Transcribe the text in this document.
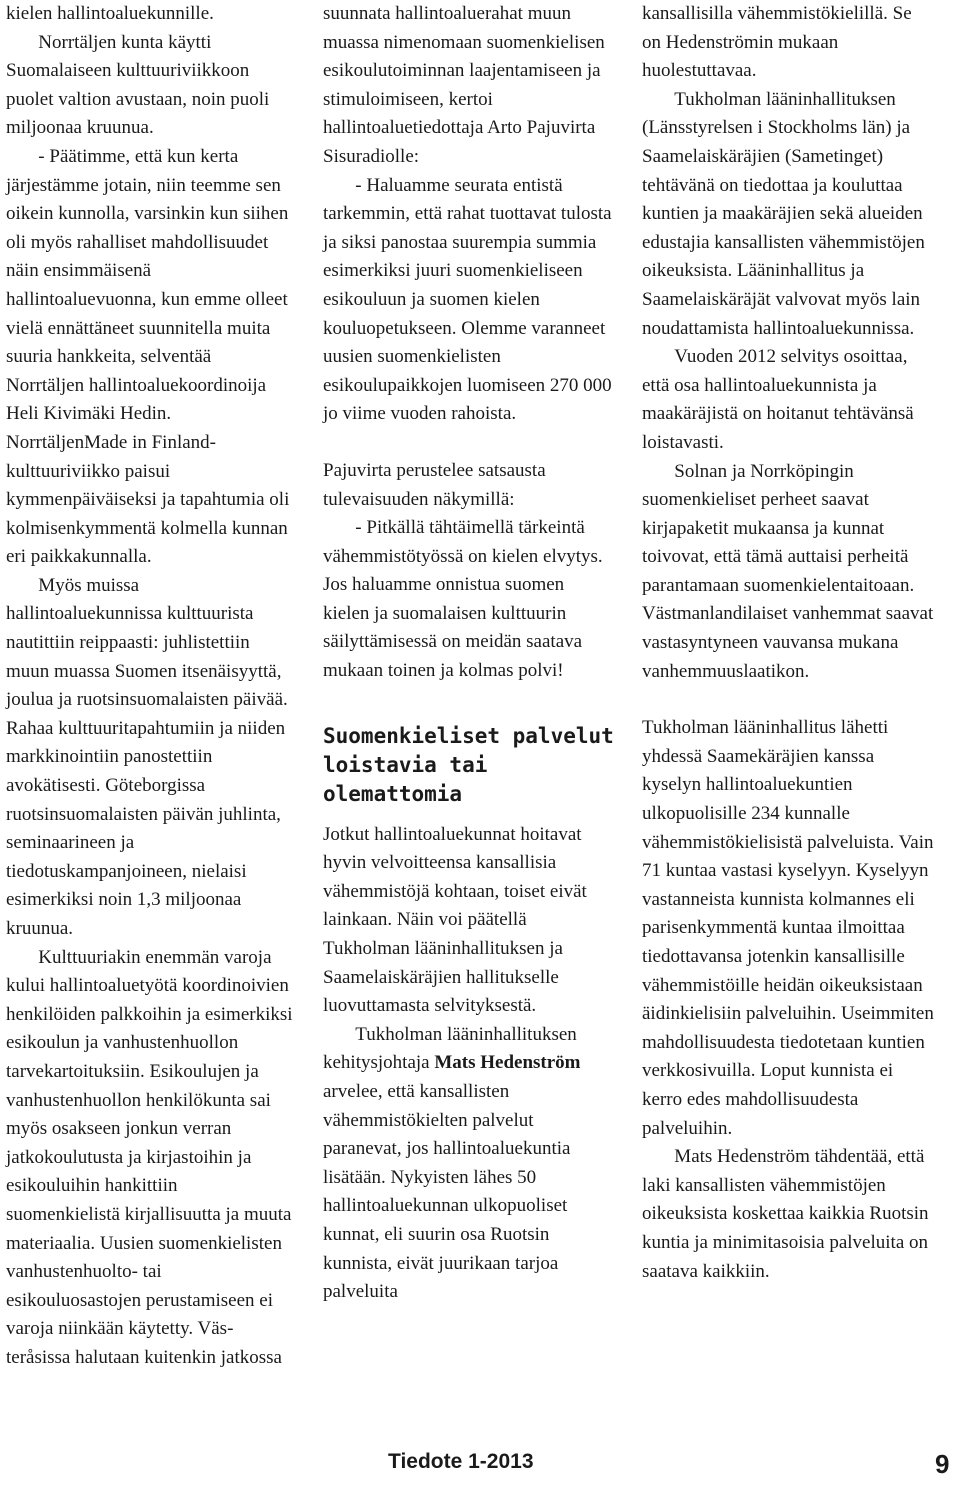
kielen hallintoaluekunnille.

Norrtäljen kunta käytti Suomalaiseen kulttuuriviikkoon puolet valtion avustaan, noin puoli miljoonaa kruunua.

- Päätimme, että kun kerta järjestämme jotain, niin teemme sen oikein kunnolla, varsinkin kun siihen oli myös rahalliset mahdollisuudet näin ensimmäisenä hallintoaluevuonna, kun emme olleet vielä ennättäneet suunnitella muita suuria hankkeita, selventää Norrtäljen hallintoaluekoordinoija Heli Kivimäki Hedin. NorrtäljenMade in Finland-kulttuuriviikko paisui kymmenpäiväiseksi ja tapahtumia oli kolmisenkymmentä kolmella kunnan eri paikkakunnalla.

Myös muissa hallintoaluekunnissa kulttuurista nautittiin reippaasti: juhlistettiin muun muassa Suomen itsenäisyyttä, joulua ja ruotsinsuomalaisten päivää. Rahaa kulttuuritapahtumiin ja niiden markkinointiin panostettiin avokätisesti. Göteborgissa ruotsinsuomalaisten päivän juhlinta, seminaarineen ja tiedotuskampanjoineen, nielaisi esimerkiksi noin 1,3 miljoonaa kruunua.

Kulttuuriakin enemmän varoja kului hallintoaluetyötä koordinoivien henkilöiden palkkoihin ja esimerkiksi esikoulun ja vanhustenhuollon tarvekartoituksiin. Esikoulujen ja vanhustenhuollon henkilökunta sai myös osakseen jonkun verran jatkokoulutusta ja kirjastoihin ja esikouluihin hankittiin suomenkielistä kirjallisuutta ja muuta materiaalia. Uusien suomenkielisten vanhustenhuolto- tai esikouluosastojen perustamiseen ei varoja niinkään käytetty. Väs-teråsissa halutaan kuitenkin jatkossa

suunnata hallintoaluerahat muun muassa nimenomaan suomenkielisen esikoulutoiminnan laajentamiseen ja stimuloimiseen, kertoi hallintoaluetiedottaja Arto Pajuvirta Sisuradiolle:

- Haluamme seurata entistä tarkemmin, että rahat tuottavat tulosta ja siksi panostaa suurempia summia esimerkiksi juuri suomenkieliseen esikouluun ja suomen kielen kouluopetukseen. Olemme varanneet uusien suomenkielisten esikoulupaikkojen luomiseen 270 000 jo viime vuoden rahoista.

Pajuvirta perustelee satsausta tulevaisuuden näkymillä:

- Pitkällä tähtäimellä tärkeintä vähemmistötyössä on kielen elvytys. Jos haluamme onnistua suomen kielen ja suomalaisen kulttuurin säilyttämisessä on meidän saatava mukaan toinen ja kolmas polvi!

Suomenkieliset palvelut loistavia tai olemattomia

Jotkut hallintoaluekunnat hoitavat hyvin velvoitteensa kansallisia vähemmistöjä kohtaan, toiset eivät lainkaan. Näin voi päätellä Tukholman lääninhallituksen ja Saamelaiskäräjien hallitukselle luovuttamasta selvityksestä.

Tukholman lääninhallituksen kehitysjohtaja Mats Hedenström arvelee, että kansallisten vähemmistökielten palvelut paranevat, jos hallintoaluekuntia lisätään. Nykyisten lähes 50 hallintoaluekunnan ulkopuoliset kunnat, eli suurin osa Ruotsin kunnista, eivät juurikaan tarjoa palveluita

kansallisilla vähemmistökielillä. Se on Hedenströmin mukaan huolestuttavaa.

Tukholman lääninhallituksen (Länsstyrelsen i Stockholms län) ja Saamelaiskäräjien (Sametinget) tehtävänä on tiedottaa ja kouluttaa kuntien ja maakäräjien sekä alueiden edustajia kansallisten vähemmistöjen oikeuksista. Lääninhallitus ja Saamelaiskäräjät valvovat myös lain noudattamista hallintoaluekunnissa.

Vuoden 2012 selvitys osoittaa, että osa hallintoaluekunnista ja maakäräjistä on hoitanut tehtävänsä loistavasti.

Solnan ja Norrköpingin suomenkieliset perheet saavat kirjapaketit mukaansa ja kunnat toivovat, että tämä auttaisi perheitä parantamaan suomenkielentaitoaan. Västmanlandilaiset vanhemmat saavat vastasyntyneen vauvansa mukana vanhemmuuslaatikon.

Tukholman lääninhallitus lähetti yhdessä Saamekäräjien kanssa kyselyn hallintoaluekuntien ulkopuolisille 234 kunnalle vähemmistökielisistä palveluista. Vain 71 kuntaa vastasi kyselyyn. Kyselyyn vastanneista kunnista kolmannes eli parisenkymmentä kuntaa ilmoittaa tiedottavansa jotenkin kansallisille vähemmistöille heidän oikeuksistaan äidinkielisiin palveluihin. Useimmiten mahdollisuudesta tiedotetaan kuntien verkkosivuilla. Loput kunnista ei kerro edes mahdollisuudesta palveluihin.

Mats Hedenström tähdentää, että laki kansallisten vähemmistöjen oikeuksista koskettaa kaikkia Ruotsin kuntia ja minimitasoisia palveluita on saatava kaikkiin.

Tiedote 1-2013	9
